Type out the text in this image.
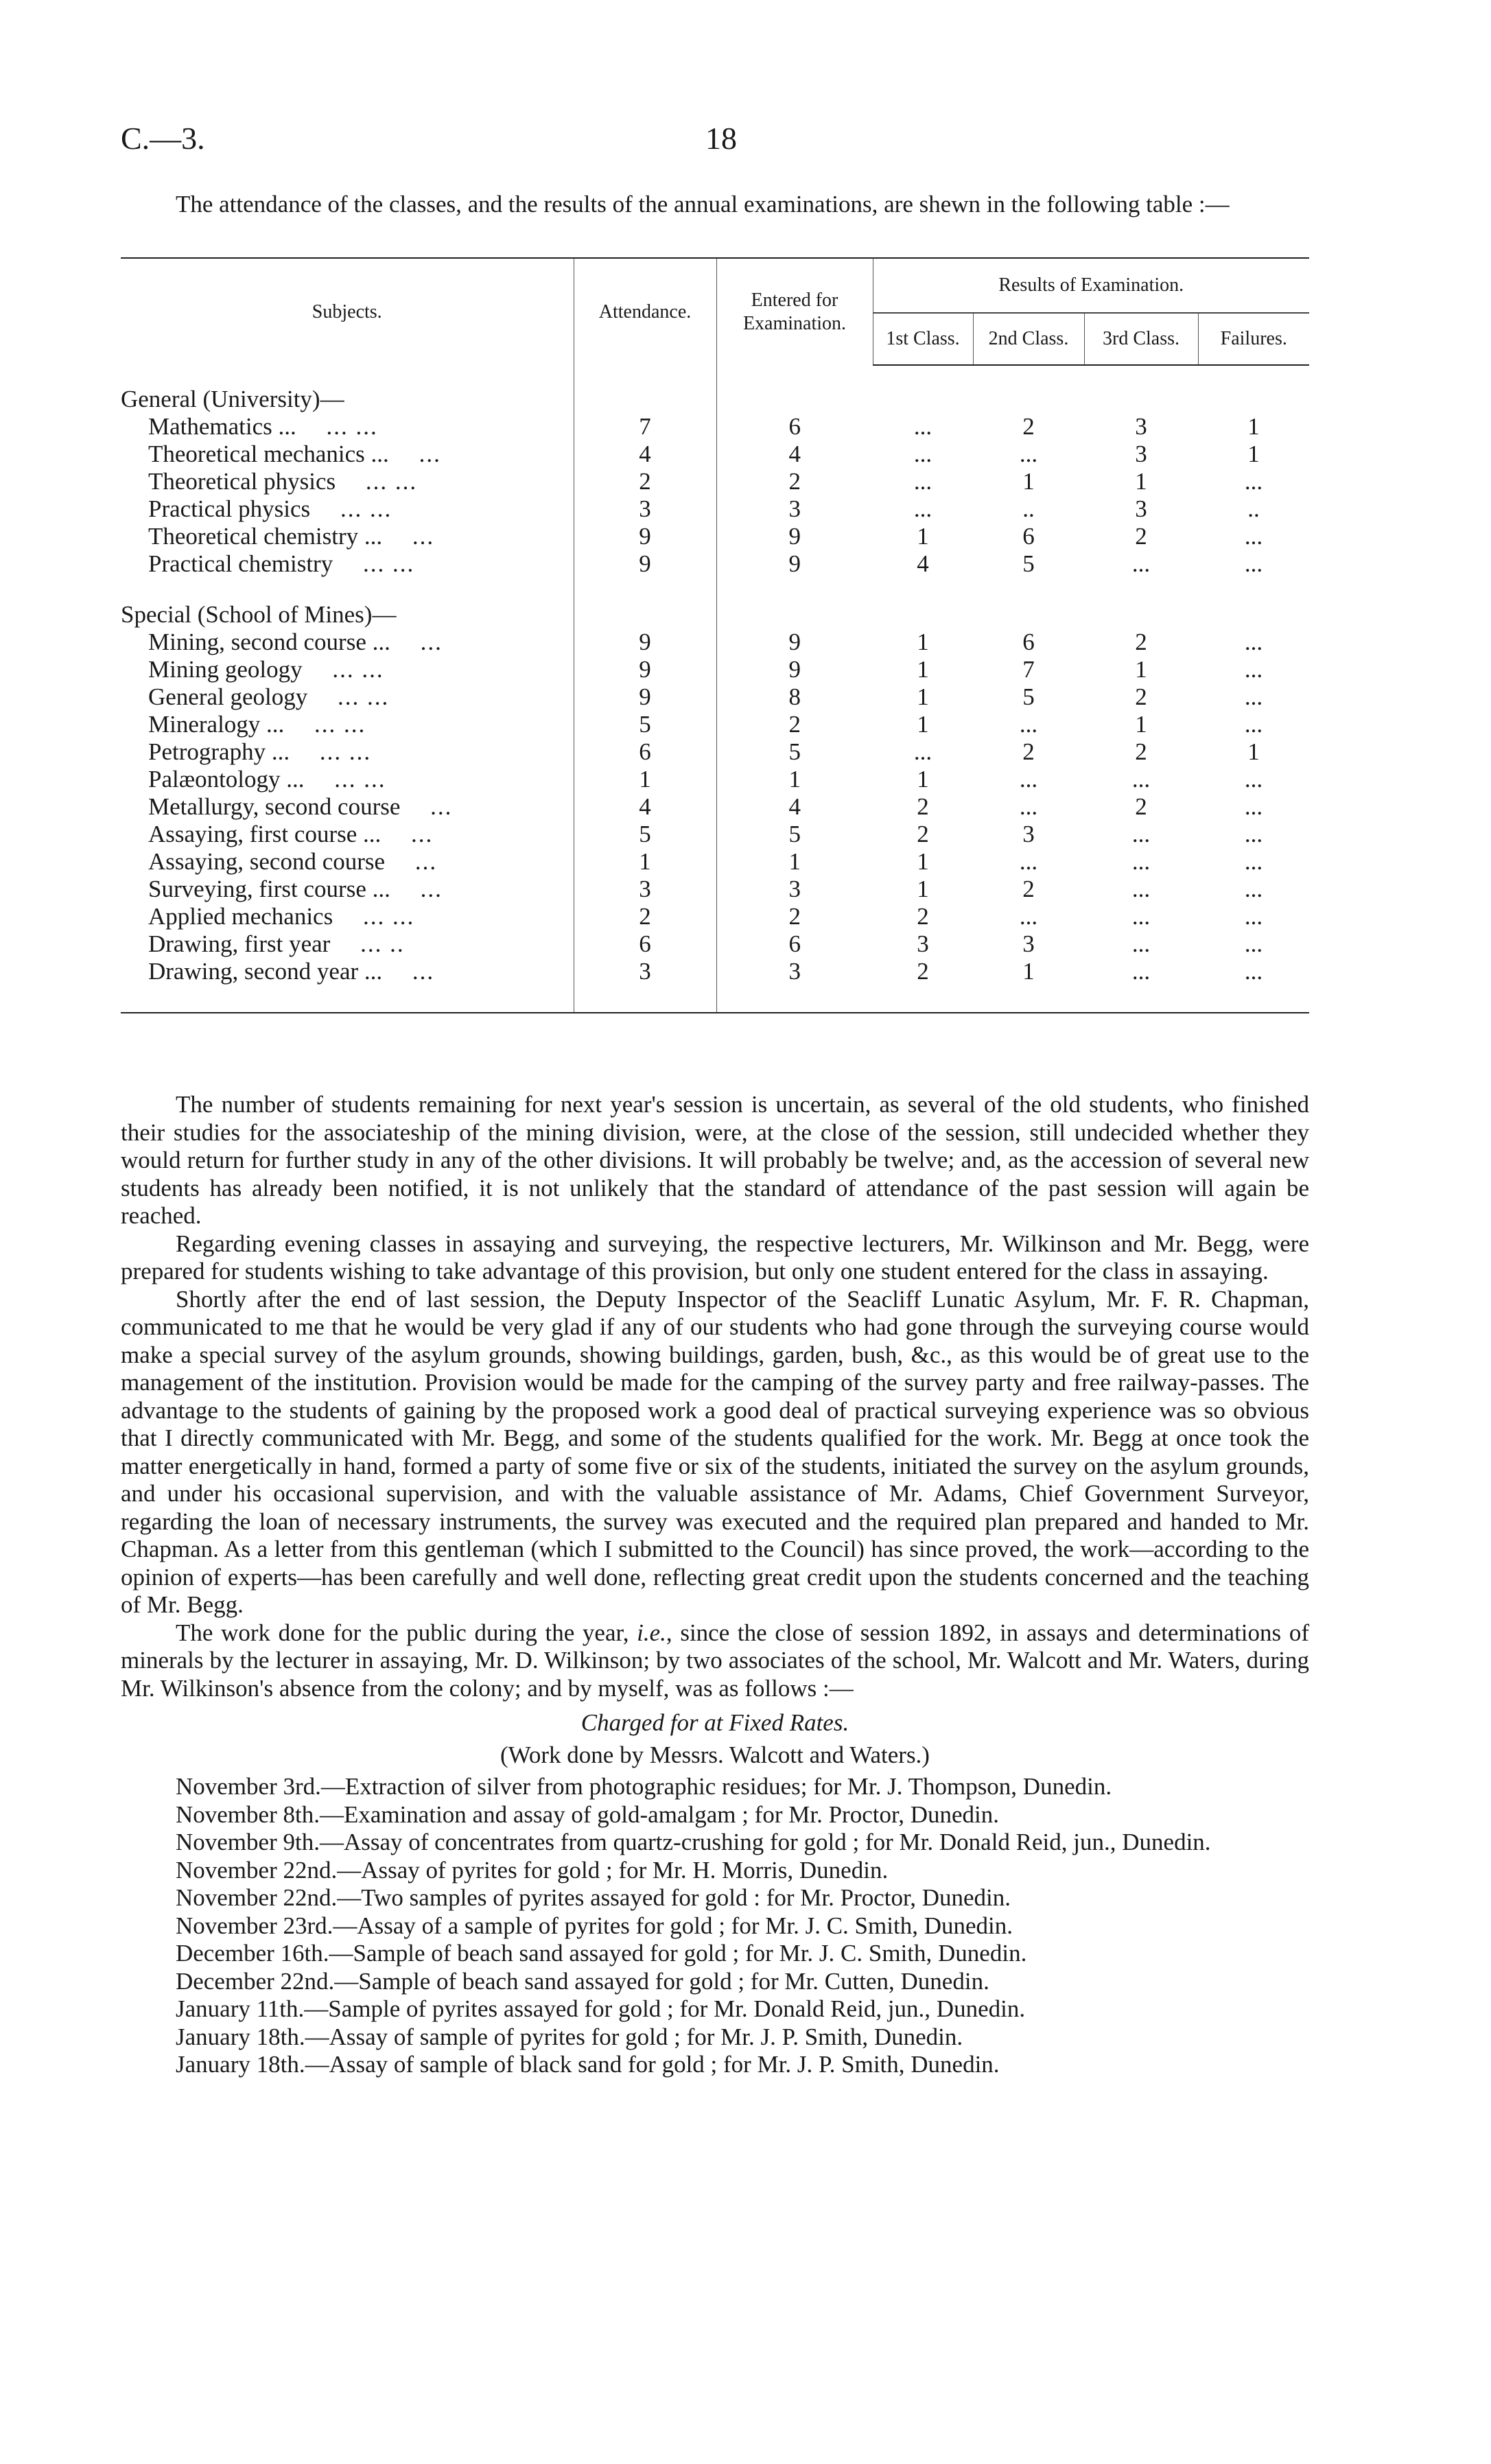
C.—3.	18
The attendance of the classes, and the results of the annual examinations, are shewn in the following table :—
Subjects.	Attendance.	Entered for Examination.	Results of Examination.			
			1st Class.	2nd Class.	3rd Class.	Failures.

General (University)—						
Mathematics ... ... ...	7	6	...	2	3	1
Theoretical mechanics ... ...	4	4	...	...	3	1
Theoretical physics ... ...	2	2	...	1	1	...
Practical physics ... ...	3	3	...	..	3	..
Theoretical chemistry ... ...	9	9	1	6	2	...
Practical chemistry ... ...	9	9	4	5	...	...

Special (School of Mines)—						
Mining, second course ... ...	9	9	1	6	2	...
Mining geology ... ...	9	9	1	7	1	...
General geology ... ...	9	8	1	5	2	...
Mineralogy ... ... ...	5	2	1	...	1	...
Petrography ... ... ...	6	5	...	2	2	1
Palæontology ... ... ...	1	1	1	...	...	...
Metallurgy, second course ...	4	4	2	...	2	...
Assaying, first course ... ...	5	5	2	3	...	...
Assaying, second course ...	1	1	1	...	...	...
Surveying, first course ... ...	3	3	1	2	...	...
Applied mechanics ... ...	2	2	2	...	...	...
Drawing, first year ... ..	6	6	3	3	...	...
Drawing, second year ... ...	3	3	2	1	...	...

The number of students remaining for next year's session is uncertain, as several of the old students, who finished their studies for the associateship of the mining division, were, at the close of the session, still undecided whether they would return for further study in any of the other divisions. It will probably be twelve; and, as the accession of several new students has already been notified, it is not unlikely that the standard of attendance of the past session will again be reached.

Regarding evening classes in assaying and surveying, the respective lecturers, Mr. Wilkinson and Mr. Begg, were prepared for students wishing to take advantage of this provision, but only one student entered for the class in assaying.

Shortly after the end of last session, the Deputy Inspector of the Seacliff Lunatic Asylum, Mr. F. R. Chapman, communicated to me that he would be very glad if any of our students who had gone through the surveying course would make a special survey of the asylum grounds, showing buildings, garden, bush, &c., as this would be of great use to the management of the institution. Provision would be made for the camping of the survey party and free railway-passes. The advantage to the students of gaining by the proposed work a good deal of practical surveying experience was so obvious that I directly communicated with Mr. Begg, and some of the students qualified for the work. Mr. Begg at once took the matter energetically in hand, formed a party of some five or six of the students, initiated the survey on the asylum grounds, and under his occasional supervision, and with the valuable assistance of Mr. Adams, Chief Government Surveyor, regarding the loan of necessary instruments, the survey was executed and the required plan prepared and handed to Mr. Chapman. As a letter from this gentleman (which I submitted to the Council) has since proved, the work—according to the opinion of experts—has been carefully and well done, reflecting great credit upon the students concerned and the teaching of Mr. Begg.

The work done for the public during the year, i.e., since the close of session 1892, in assays and determinations of minerals by the lecturer in assaying, Mr. D. Wilkinson; by two associates of the school, Mr. Walcott and Mr. Waters, during Mr. Wilkinson's absence from the colony; and by myself, was as follows :—

Charged for at Fixed Rates.

(Work done by Messrs. Walcott and Waters.)

November 3rd.—Extraction of silver from photographic residues; for Mr. J. Thompson, Dunedin.

November 8th.—Examination and assay of gold-amalgam ; for Mr. Proctor, Dunedin.

November 9th.—Assay of concentrates from quartz-crushing for gold ; for Mr. Donald Reid, jun., Dunedin.

November 22nd.—Assay of pyrites for gold ; for Mr. H. Morris, Dunedin.

November 22nd.—Two samples of pyrites assayed for gold : for Mr. Proctor, Dunedin.

November 23rd.—Assay of a sample of pyrites for gold ; for Mr. J. C. Smith, Dunedin.

December 16th.—Sample of beach sand assayed for gold ; for Mr. J. C. Smith, Dunedin.

December 22nd.—Sample of beach sand assayed for gold ; for Mr. Cutten, Dunedin.

January 11th.—Sample of pyrites assayed for gold ; for Mr. Donald Reid, jun., Dunedin.

January 18th.—Assay of sample of pyrites for gold ; for Mr. J. P. Smith, Dunedin.

January 18th.—Assay of sample of black sand for gold ; for Mr. J. P. Smith, Dunedin.
